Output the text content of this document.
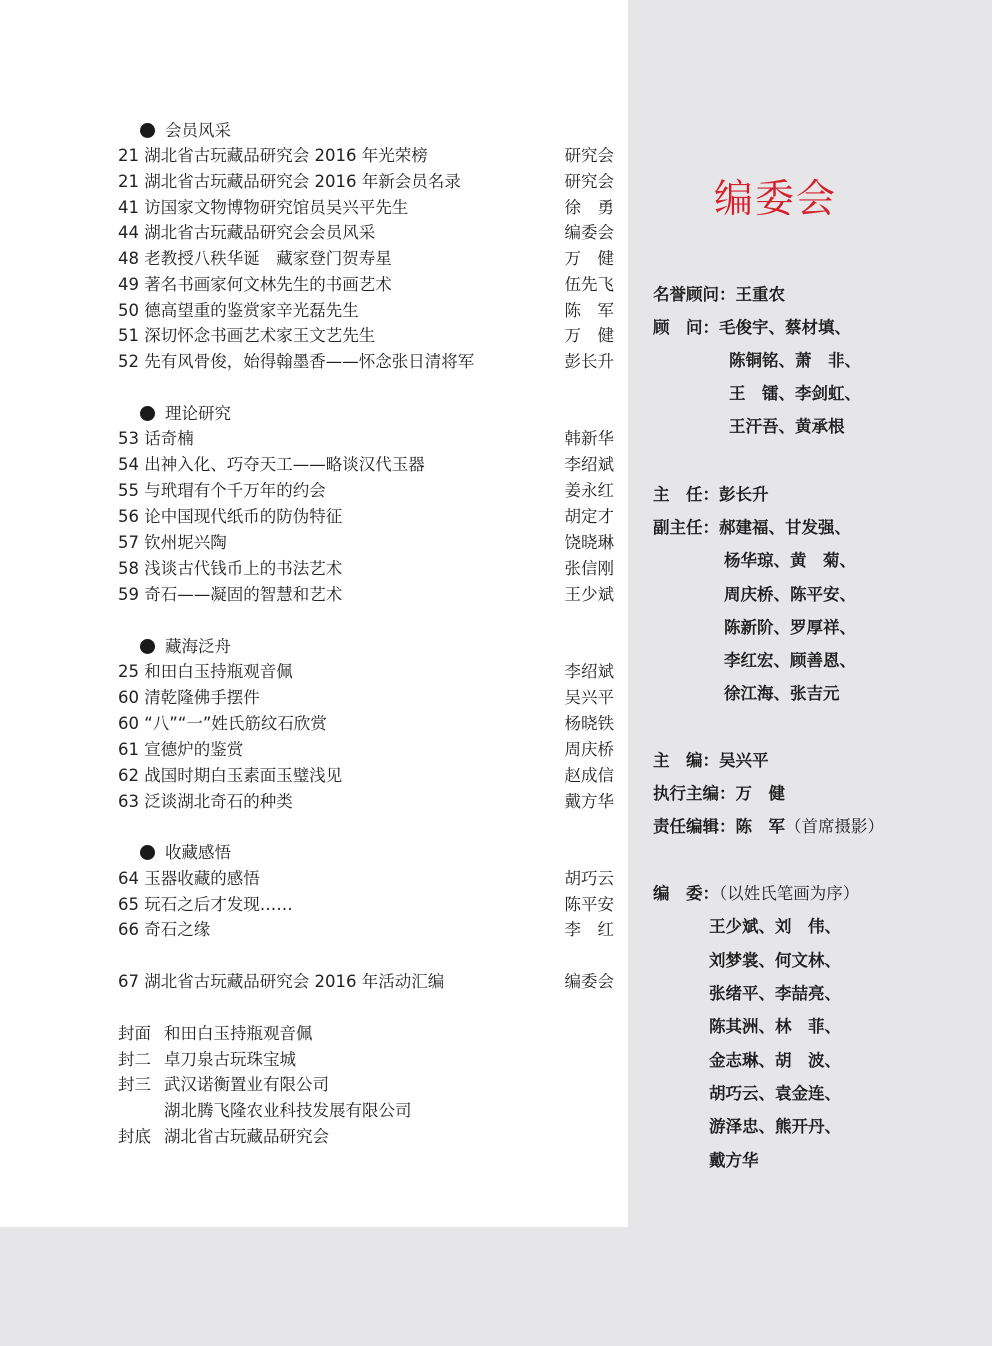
会员风采
21 湖北省古玩藏品研究会 2016 年光荣榜	研究会
21 湖北省古玩藏品研究会 2016 年新会员名录	研究会
41 访国家文物博物研究馆员吴兴平先生	徐　勇
44 湖北省古玩藏品研究会会员风采	编委会
48 老教授八秩华诞　藏家登门贺寿星	万　健
49 著名书画家何文林先生的书画艺术	伍先飞
50 德高望重的鉴赏家辛光磊先生	陈　军
51 深切怀念书画艺术家王文艺先生	万　健
52 先有风骨俊，始得翰墨香——怀念张日清将军	彭长升
理论研究
53 话奇楠	韩新华
54 出神入化、巧夺天工——略谈汉代玉器	李绍斌
55 与玳瑁有个千万年的约会	姜永红
56 论中国现代纸币的防伪特征	胡定才
57 钦州坭兴陶	饶晓琳
58 浅谈古代钱币上的书法艺术	张信刚
59 奇石——凝固的智慧和艺术	王少斌
藏海泛舟
25 和田白玉持瓶观音佩	李绍斌
60 清乾隆佛手摆件	吴兴平
60 “八”“一”姓氏筋纹石欣赏	杨晓铁
61 宣德炉的鉴赏	周庆桥
62 战国时期白玉素面玉璧浅见	赵成信
63 泛谈湖北奇石的种类	戴方华
收藏感悟
64 玉器收藏的感悟	胡巧云
65 玩石之后才发现……	陈平安
66 奇石之缘	李　红
67 湖北省古玩藏品研究会 2016 年活动汇编	编委会
封面 和田白玉持瓶观音佩
封二 卓刀泉古玩珠宝城
封三 武汉诺衡置业有限公司
湖北腾飞隆农业科技发展有限公司
封底 湖北省古玩藏品研究会
编委会
名誉顾问：王重农
顾　问：毛俊宇、蔡材填、
陈铜铭、萧　非、
王　镭、李剑虹、
王汗吾、黄承根
主　任：彭长升
副主任：郝建福、甘发强、
杨华琼、黄　菊、
周庆桥、陈平安、
陈新阶、罗厚祥、
李红宏、顾善恩、
徐江海、张吉元
主　编：吴兴平
执行主编：万　健
责任编辑：陈　军（首席摄影）
编　委：（以姓氏笔画为序）
王少斌、刘　伟、
刘梦裳、何文林、
张绪平、李喆亮、
陈其洲、林　菲、
金志琳、胡　波、
胡巧云、袁金连、
游泽忠、熊开丹、
戴方华
